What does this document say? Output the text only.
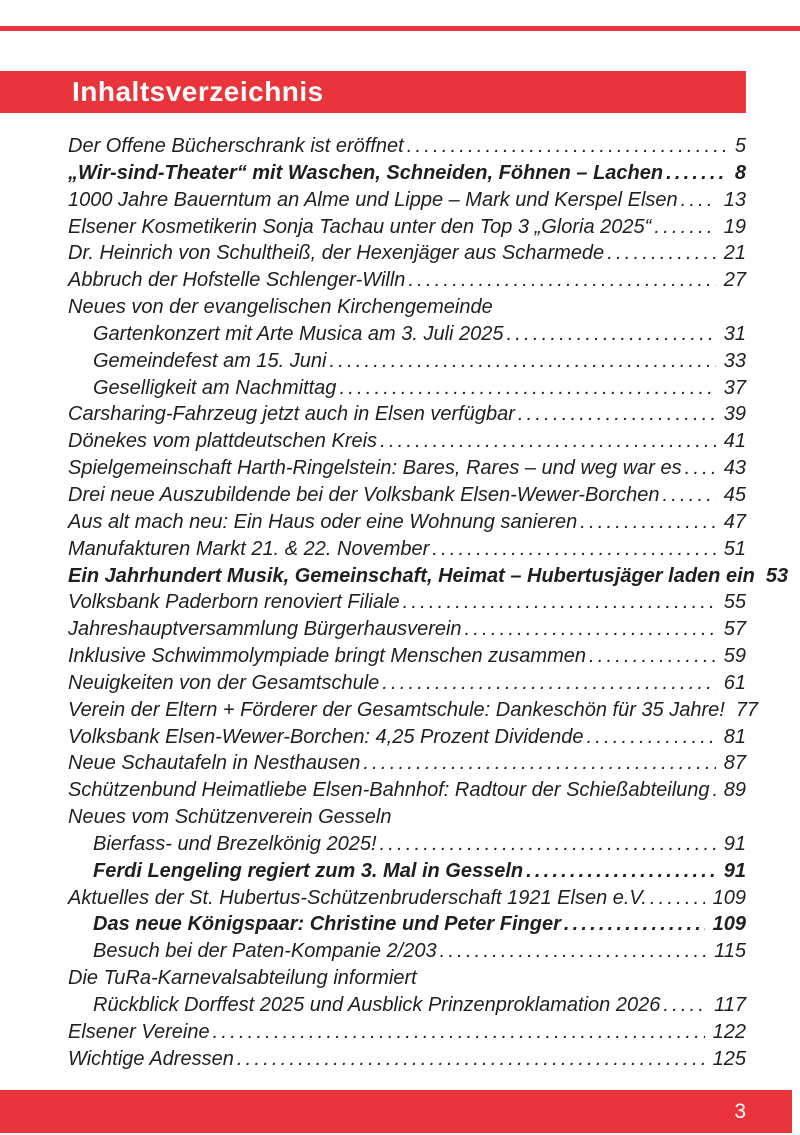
Inhaltsverzeichnis
Der Offene Bücherschrank ist eröffnet .....	5
„Wir-sind-Theater“ mit Waschen, Schneiden, Föhnen – Lachen .....	8
1000 Jahre Bauerntum an Alme und Lippe – Mark und Kerspel Elsen ..... 13
Elsener Kosmetikerin Sonja Tachau unter den Top 3 „Gloria 2025“ .....	19
Dr. Heinrich von Schultheiß, der Hexenjäger aus Scharmede .....	21
Abbruch der Hofstelle Schlenger-Willn .....	27
Neues von der evangelischen Kirchengemeinde
Gartenkonzert mit Arte Musica am 3. Juli 2025 .....	31
Gemeindefest am 15. Juni .....	33
Geselligkeit am Nachmittag .....	37
Carsharing-Fahrzeug jetzt auch in Elsen verfügbar .....	39
Dönekes vom plattdeutschen Kreis .....	41
Spielgemeinschaft Harth-Ringelstein: Bares, Rares – und weg war es ..... 43
Drei neue Auszubildende bei der Volksbank Elsen-Wewer-Borchen .....	45
Aus alt mach neu: Ein Haus oder eine Wohnung sanieren .....	47
Manufakturen Markt 21. & 22. November .....	51
Ein Jahrhundert Musik, Gemeinschaft, Heimat – Hubertusjäger laden ein 53
Volksbank Paderborn renoviert Filiale .....	55
Jahreshauptversammlung Bürgerhausverein .....	57
Inklusive Schwimmolympiade bringt Menschen zusammen .....	59
Neuigkeiten von der Gesamtschule .....	61
Verein der Eltern + Förderer der Gesamtschule: Dankeschön für 35 Jahre! 77
Volksbank Elsen-Wewer-Borchen: 4,25 Prozent Dividende .....	81
Neue Schautafeln in Nesthausen .....	87
Schützenbund Heimatliebe Elsen-Bahnhof: Radtour der Schießabteilung ..... 89
Neues vom Schützenverein Gesseln
Bierfass- und Brezelkönig 2025! .....	91
Ferdi Lengeling regiert zum 3. Mal in Gesseln .....	91
Aktuelles der St. Hubertus-Schützenbruderschaft 1921 Elsen e.V. .....	109
Das neue Königspaar: Christine und Peter Finger .....	109
Besuch bei der Paten-Kompanie 2/203 .....	115
Die TuRa-Karnevalsabteilung informiert
Rückblick Dorffest 2025 und Ausblick Prinzenproklamation 2026 .....	117
Elsener Vereine .....	122
Wichtige Adressen .....	125
3
